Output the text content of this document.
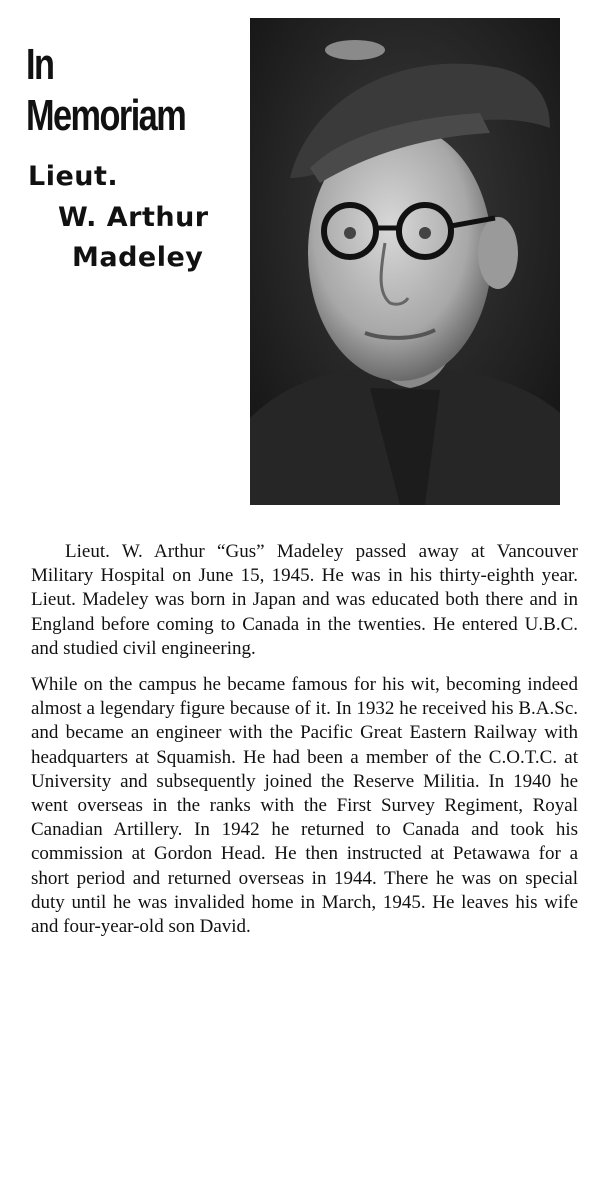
In
Memoriam
Lieut.
W. Arthur
Madeley

Lieut. W. Arthur “Gus” Madeley passed away at Vancouver Military Hospital on June 15, 1945. He was in his thirty-eighth year. Lieut. Madeley was born in Japan and was educated both there and in England before coming to Canada in the twenties. He entered U.B.C. and studied civil engineering.

While on the campus he became famous for his wit, becoming indeed almost a legendary figure because of it. In 1932 he received his B.A.Sc. and became an engineer with the Pacific Great Eastern Railway with headquarters at Squamish. He had been a member of the C.O.T.C. at University and subsequently joined the Reserve Militia. In 1940 he went overseas in the ranks with the First Survey Regiment, Royal Canadian Artillery. In 1942 he returned to Canada and took his commission at Gordon Head. He then instructed at Petawawa for a short period and returned overseas in 1944. There he was on special duty until he was invalided home in March, 1945. He leaves his wife and four-year-old son David.
